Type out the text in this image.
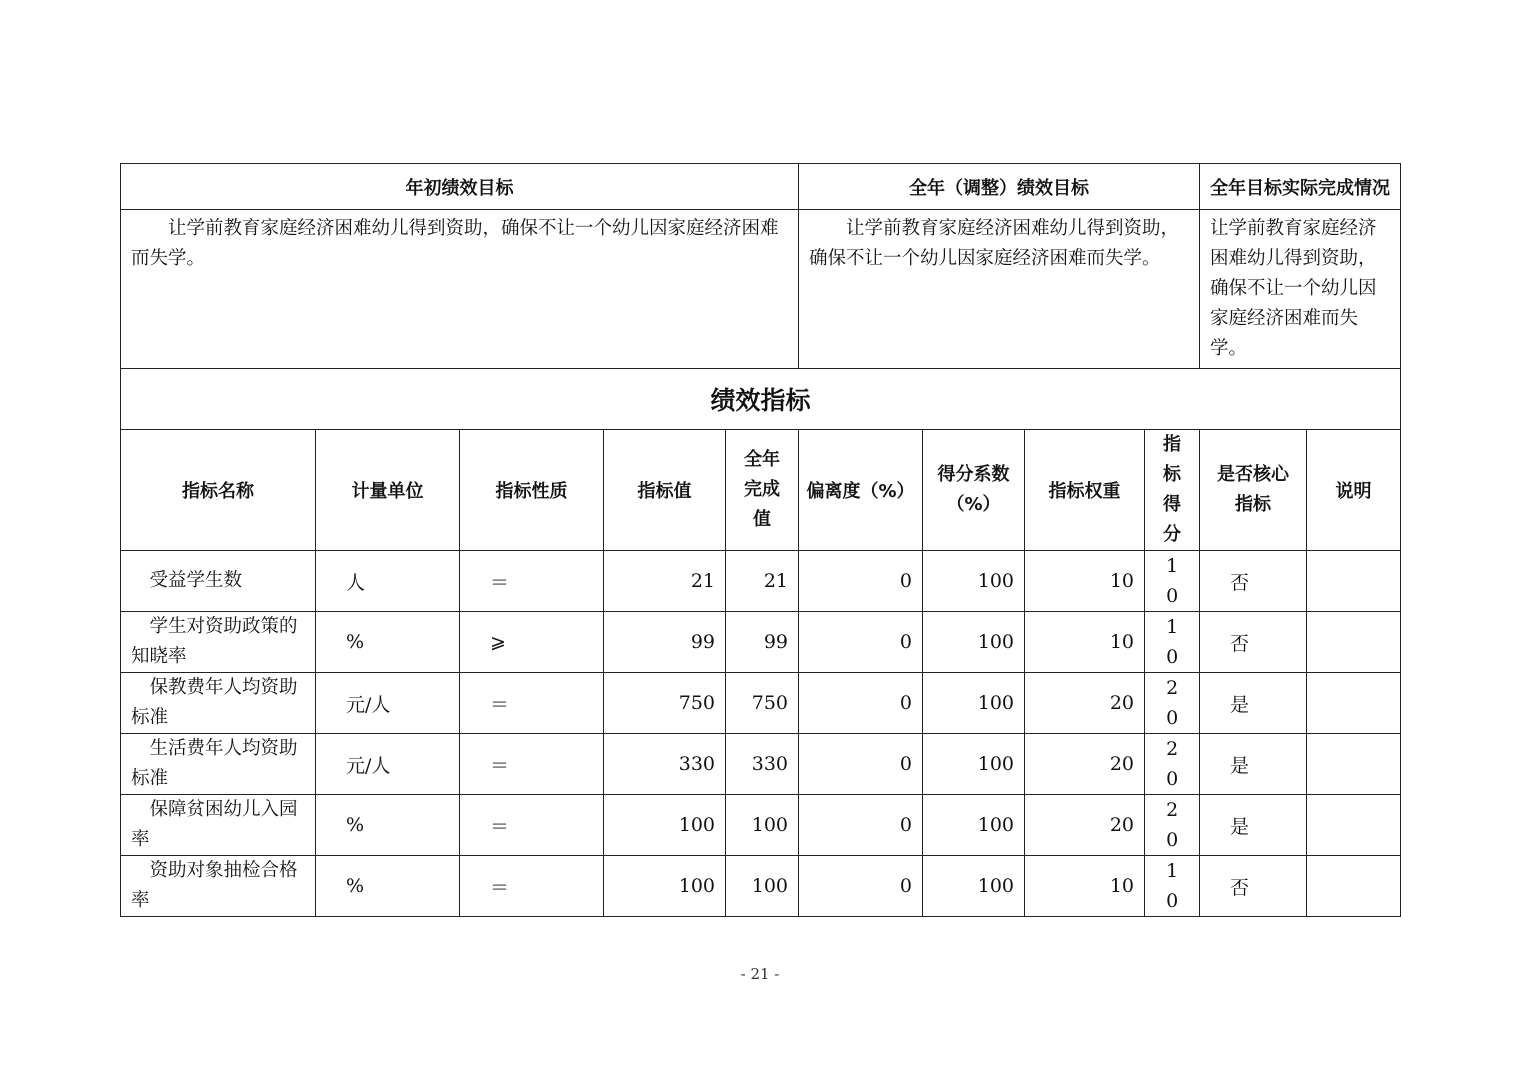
年初绩效目标					全年（调整）绩效目标				全年目标实际完成情况	
让学前教育家庭经济困难幼儿得到资助，确保不让一个幼儿因家庭经济困难而失学。					让学前教育家庭经济困难幼儿得到资助，确保不让一个幼儿因家庭经济困难而失学。				让学前教育家庭经济困难幼儿得到资助，确保不让一个幼儿因家庭经济困难而失学。	
绩效指标										
指标名称	计量单位	指标性质	指标值	全年完成值	偏离度（%）	得分系数（%）	指标权重	指标得分	是否核心指标	说明

受益学生数	人	＝	21	21	0	100	10	10	否	

学生对资助政策的知晓率	%	⩾	99	99	0	100	10	10	否	

保教费年人均资助标准	元/人	＝	750	750	0	100	20	20	是	

生活费年人均资助标准	元/人	＝	330	330	0	100	20	20	是	

保障贫困幼儿入园率	%	＝	100	100	0	100	20	20	是	

资助对象抽检合格率	%	＝	100	100	0	100	10	10	否	
- 21 -
